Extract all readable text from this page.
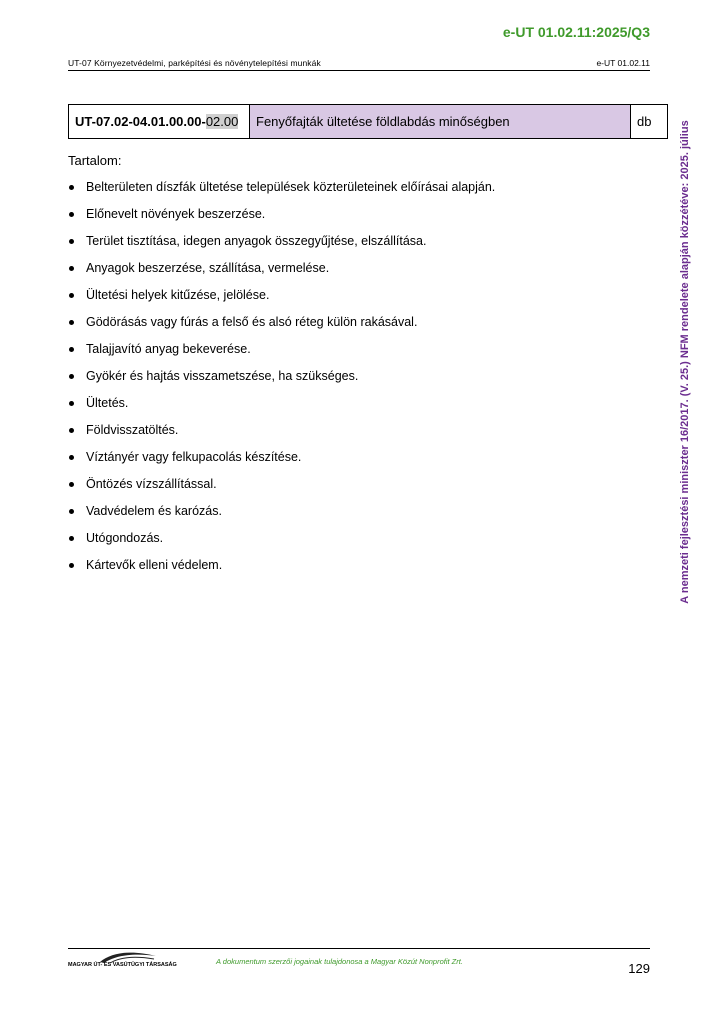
e-UT 01.02.11:2025/Q3
UT-07 Környezetvédelmi, parképítési és növénytelepítési munkák	e-UT 01.02.11
UT-07.02-04.01.00.00-02.00	Fenyőfajták ültetése földlabdás minőségben	db
Tartalom:
Belterületen díszfák ültetése települések közterületeinek előírásai alapján.
Előnevelt növények beszerzése.
Terület tisztítása, idegen anyagok összegyűjtése, elszállítása.
Anyagok beszerzése, szállítása, vermelése.
Ültetési helyek kitűzése, jelölése.
Gödörásás vagy fúrás a felső és alsó réteg külön rakásával.
Talajjavító anyag bekeverése.
Gyökér és hajtás visszametszése, ha szükséges.
Ültetés.
Földvisszatöltés.
Víztányér vagy felkupacolás készítése.
Öntözés vízszállítással.
Vadvédelem és karózás.
Utógondozás.
Kártevők elleni védelem.	A nemzeti fejlesztési miniszter 16/2017. (V. 25.) NFM rendelete alapján közzétéve: 2025. július
MAGYAR ÚT- ÉS VASÚTÜGYI TÁRSASÁG	A dokumentum szerzői jogainak tulajdonosa a Magyar Közút Nonprofit Zrt.	129
